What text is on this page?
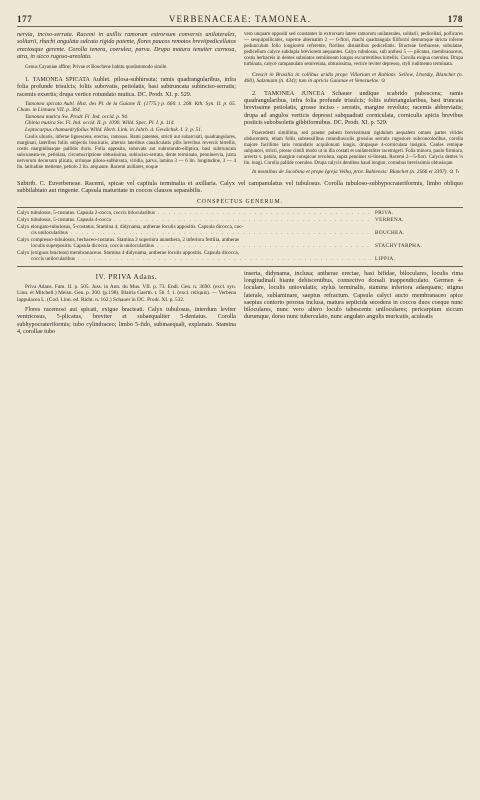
177	VERBENACEAE: TAMONEA.	178

nervia, inciso-serrata. Racemi in axillis ramorum extrorsum conversis unilaterales, solitarii, rhachi angulata sulcata rigida patente, flores paucos remotos breviipedicellatos erectosque gerente. Corolla tenera, coerulea, parva. Drupa matura tenuiter carnosa, atra, in sicco rugoso-areolata.

Genus Cayaniae affine; Privae et Bouchene habitu quodammodo simile.

1. TAMONEA SPICATA Aublet. pilosa-subhirsuta; ramis quadrangularibus, infra folia profunde trisulcis; foliis subovatis, petiolatis, basi subtruncata subinciso-serratis; racemis exsertis; drupa vertice rotundato mutica. DC. Prodr. XI. p. 529.

Tamonea spicata Aubl. Hist. des Pl. de la Guiane II. (1775.) p. 660. t. 268. Kth. Syn. II. p. 65. Cham. in Linnaea VII. p. 364.

Tamonea mutica Sw. Prodr. Fl. Ind. occid. p. 94.

Ghinia mutica Sw. Fl. Ind. occid. II. p. 1090. Willd. Spec. Pl. I. p. 114.

Leptocarpus chamaedryfolius Willd. Herb. Link. in Jahrb. d. Gewächsk. I. 3. p. 51.

Caulis ulnaris, inferne lignescens, erectus, ramosus. Rami patentes, stricti aut subarcuati, quadrangulares, marginati, lateribus foliis subjectis bisulcatis, alternis lateribus canaliculatis pilis brevibus reversis hirtellis, costis marginibusque pallidis duris. Folia opposita, subovata aut subrotundo-elliptica, basi subtruncata subcuneata-ve, petiolata, circumscriptione obtusissima, subinciso-serrata, dente terminato, penninervia, juxta nervorum decursum plicata, utrinque piloso-subhirsuta, viridia, parva, lamina 3 — 6 lin. longitudine, 3 — 4 lin. latitudine metiente, petiolo 2 lin. aequante. Racemi axillares, noque

vero unquam oppositi sed constanter in extrorsum latere ramorum unilaterales, solitarii, pedicellati, pollicares — sesquipollicares, superne alternatim 2 — 6-flori, rhachi quadrangula filiformi demumque stricta inferne pedunculum folio longiorem referente, floribus distantibus pedicellatis. Bracteae herbaceae, subulatae, pedicellum calyce subdupla breviorem aequantes. Calyx tubulosus, sub anthesi 5 — plicatus, membranaceus, costis herbaceis in dentes subulatos semilineam longos excurrentibus hirtellis. Corolla exigua coerulea. Drupa turbinata, calyce campanulato semivelata, obtusissima, vertice leviter depresso, styli rudimento terminata.

Crescit in Brasilia in collibus aridis prope Villariam et Rabiam: Sellow, Lhotsky, Blanchet (n. 460), Salzmann (n. 434); tum in apricis Guianae et Venezuelae. ⊙

2. TAMONEA JUNCEA Schauer undique scabrido pubescens; ramis quadrangularibus, infra folia profunde trisulcis; foliis subtriangularibus, basi truncata brevissime petiolatis, grosse inciso - serratis, margine revoluto; racemis abbreviatis; drupa ad angulos verticis depressi subquadrati corniculata, corniculis apicis brevibus posticis subobsoletis gibbiformibus. DC. Prodr. XI. p. 529.

Praecedenti simillima, sed praeter pubem brevissimam rigidulam aequalem omnes partes virides obducentem, etiam foliis subsessilibus rotundiusculis grossius serratis rugosiore subconcoloribus, corolla majore facillime latis rotundatis acquilonum longis, drupaque 4-corniculata insignis. Caules remique subjuncei, stricti, presse cimili modo ut in illa costati et unilateraliter racemigeri. Folia minora, paulo firmiora, arrecta v. patula, margine conspicue revoluta, supra penniner vi-lineata. Racemi 2—5-flori. Calycis dentes ¼ lin. longi. Corolla pallide coerulea. Drupa calycis dentibus haud longior, cornubus brevissimis obtusisque.

In montibus de Jacobina et prope Igreja Velha, prov. Bahiensis: Blanchet (n. 2566 et 3397). ⊙ ♄

Subtrib. C. Euverbeneae. Racemi, spicae vel capitula terminalia et axillaria. Calyx vel campanulatus vel tubulosus. Corolla tubuloso-subhypocrateriformis, limbo obliquo subbilabiato aut ringente. Capsula maturitate in coccos clausos separabilis.

CONSPECTUS GENERUM.
Calyx tubulosus, 5-costatus. Capsula 2-cocca, coccis bilocularibus . . .	PRIVA.
Calyx tubulosus, 5-costatus. Capsula 4-cocca . . .	VERBENA.
Calyx elongato-tubulosus, 5-costatus. Stamina 4, didynama, antherae loculis appositis. Capsula dicocca, coc-
cis unilocularibus . . .	BOUCHEA.
Calyx compresso-tubulosus, herbaceo-costatus. Stamina 2 superiora anantherа, 2 inferiora fertilia, antherae
loculis superpositis. Capsula dicocca, coccis unilocularibus . . .	STACHYTARPHA.
Calyx (exiguus bracteas) membranaceus. Stamina 4 didynama, antherae loculis appositis. Capsula dicocca,
coccis unilocularibus . . .	LIPPIA.
IV. PRIVA Adans.

Priva Adans. Fam. II. p. 505. Juss. in Ann. du Mus. VII. p. 73. Endl. Gen. n. 3690. (excl. syn. Linn. et Mitchell.) Meisn. Gen. p. 200. (p.198). Blairia Gaertn. t. 56. f. 1. (excl. reliquis). — Verbena lappulacea L. (Cod. Linn. ed. Richt. n. 162.) Schauer in DC. Prodr. XI. p. 532.

Flores racemosi aut spicati, exigue bracteati. Calyx tubulosus, interdum leviter ventricosus, 5-plicatus, breviter et subaequaliter 5-dentatus. Corolla subhypocrateriformis; tubo cylindraceo; limbo 5-fido, subinaequali, explanato. Stamina 4, corollae tubo

inserta, didynama, inclusa; antherae erectae, basi bifidae, biloculares, loculis rima longitudinali hiante dehiscentibus, connectivo dorsali inappendiculato. Germen 4-loculare, loculis uniovulatis; stylus terminalis, stamina inferiora adaequans; stigma laterale, sublaminare, saepius refractum. Capsula calyci aucto membranaceo apice saepius contorto prorsus inclusa, matura septicida secedens in coccos duos coeque nunc biloculares, nunc vero altero loculo tabescente uniloculares; pericarpium siccum durumque, dorso nunc tuberculato, nunc angulato angulis muricatis, aculeatis
